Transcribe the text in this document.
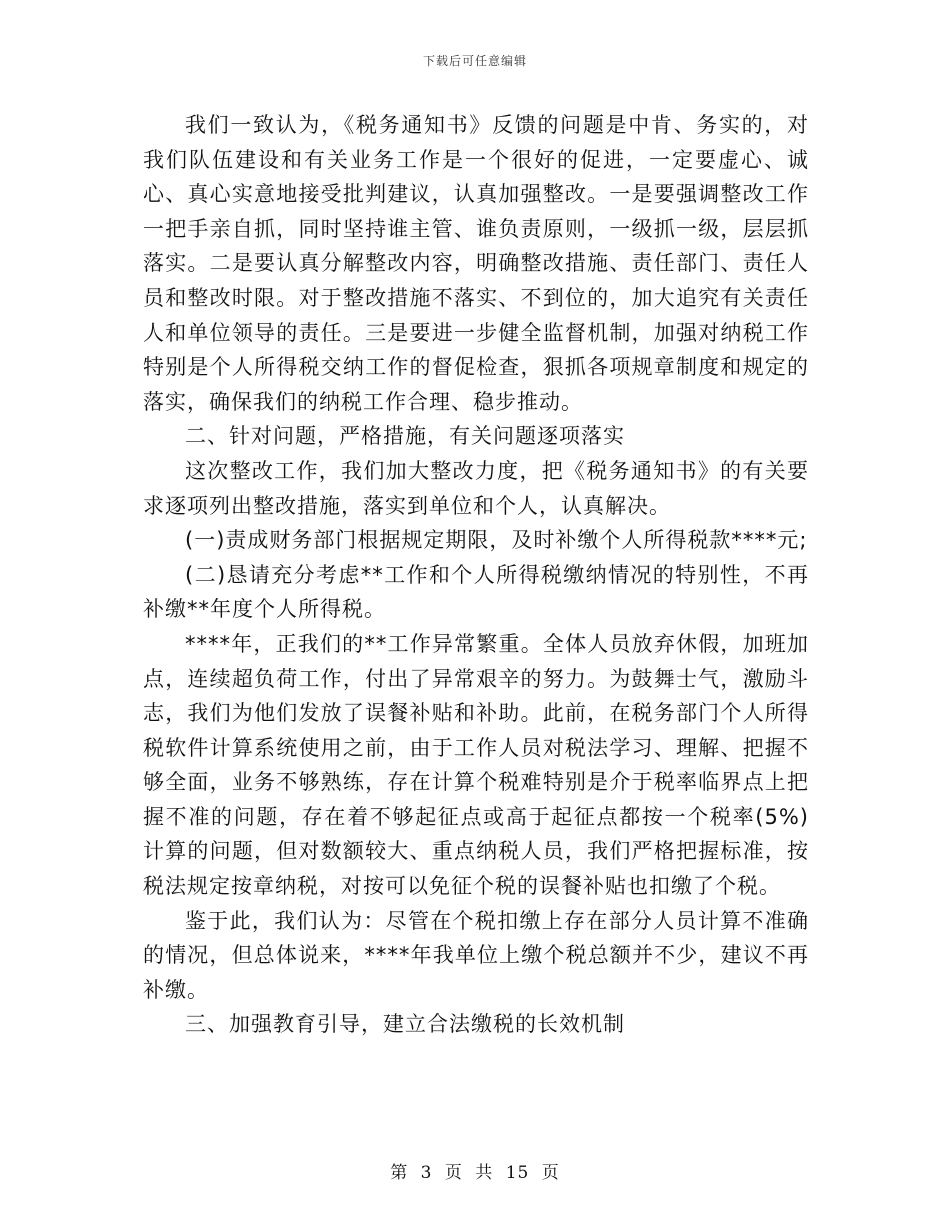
下载后可任意编辑

我们一致认为，《税务通知书》反馈的问题是中肯、务实的，对我们队伍建设和有关业务工作是一个很好的促进，一定要虚心、诚心、真心实意地接受批判建议，认真加强整改。一是要强调整改工作一把手亲自抓，同时坚持谁主管、谁负责原则，一级抓一级，层层抓落实。二是要认真分解整改内容，明确整改措施、责任部门、责任人员和整改时限。对于整改措施不落实、不到位的，加大追究有关责任人和单位领导的责任。三是要进一步健全监督机制，加强对纳税工作特别是个人所得税交纳工作的督促检查，狠抓各项规章制度和规定的落实，确保我们的纳税工作合理、稳步推动。

二、针对问题，严格措施，有关问题逐项落实

这次整改工作，我们加大整改力度，把《税务通知书》的有关要求逐项列出整改措施，落实到单位和个人，认真解决。

(一)责成财务部门根据规定期限，及时补缴个人所得税款****元;

(二)恳请充分考虑**工作和个人所得税缴纳情况的特别性，不再补缴**年度个人所得税。

****年，正我们的**工作异常繁重。全体人员放弃休假，加班加点，连续超负荷工作，付出了异常艰辛的努力。为鼓舞士气，激励斗志，我们为他们发放了误餐补贴和补助。此前，在税务部门个人所得税软件计算系统使用之前，由于工作人员对税法学习、理解、把握不够全面，业务不够熟练，存在计算个税难特别是介于税率临界点上把握不准的问题，存在着不够起征点或高于起征点都按一个税率(5%)计算的问题，但对数额较大、重点纳税人员，我们严格把握标准，按税法规定按章纳税，对按可以免征个税的误餐补贴也扣缴了个税。

鉴于此，我们认为：尽管在个税扣缴上存在部分人员计算不准确的情况，但总体说来，****年我单位上缴个税总额并不少，建议不再补缴。

三、加强教育引导，建立合法缴税的长效机制

第 3 页 共 15 页
